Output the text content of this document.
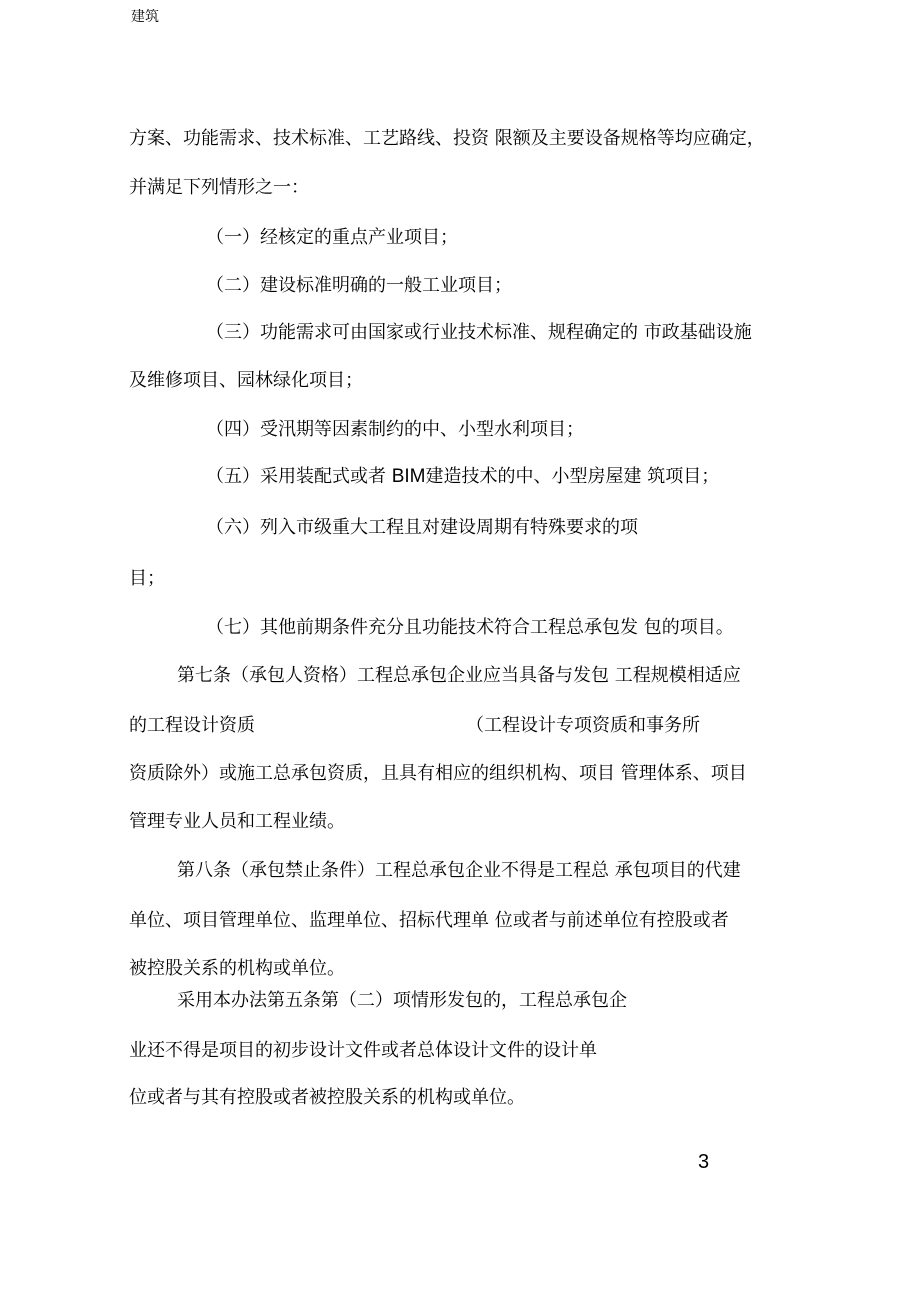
建筑

方案、功能需求、技术标准、工艺路线、投资 限额及主要设备规格等均应确定，

并满足下列情形之一：

（一）经核定的重点产业项目；

（二）建设标准明确的一般工业项目；

（三）功能需求可由国家或行业技术标准、规程确定的 市政基础设施

及维修项目、园林绿化项目；

（四）受汛期等因素制约的中、小型水利项目；

（五）采用装配式或者 BIM建造技术的中、小型房屋建 筑项目；

（六）列入市级重大工程且对建设周期有特殊要求的项

目；

（七）其他前期条件充分且功能技术符合工程总承包发 包的项目。

第七条（承包人资格）工程总承包企业应当具备与发包 工程规模相适应

的工程设计资质	（工程设计专项资质和事务所

资质除外）或施工总承包资质，且具有相应的组织机构、项目 管理体系、项目

管理专业人员和工程业绩。

第八条（承包禁止条件）工程总承包企业不得是工程总 承包项目的代建

单位、项目管理单位、监理单位、招标代理单 位或者与前述单位有控股或者

被控股关系的机构或单位。

采用本办法第五条第（二）项情形发包的，工程总承包企

业还不得是项目的初步设计文件或者总体设计文件的设计单

位或者与其有控股或者被控股关系的机构或单位。

3
